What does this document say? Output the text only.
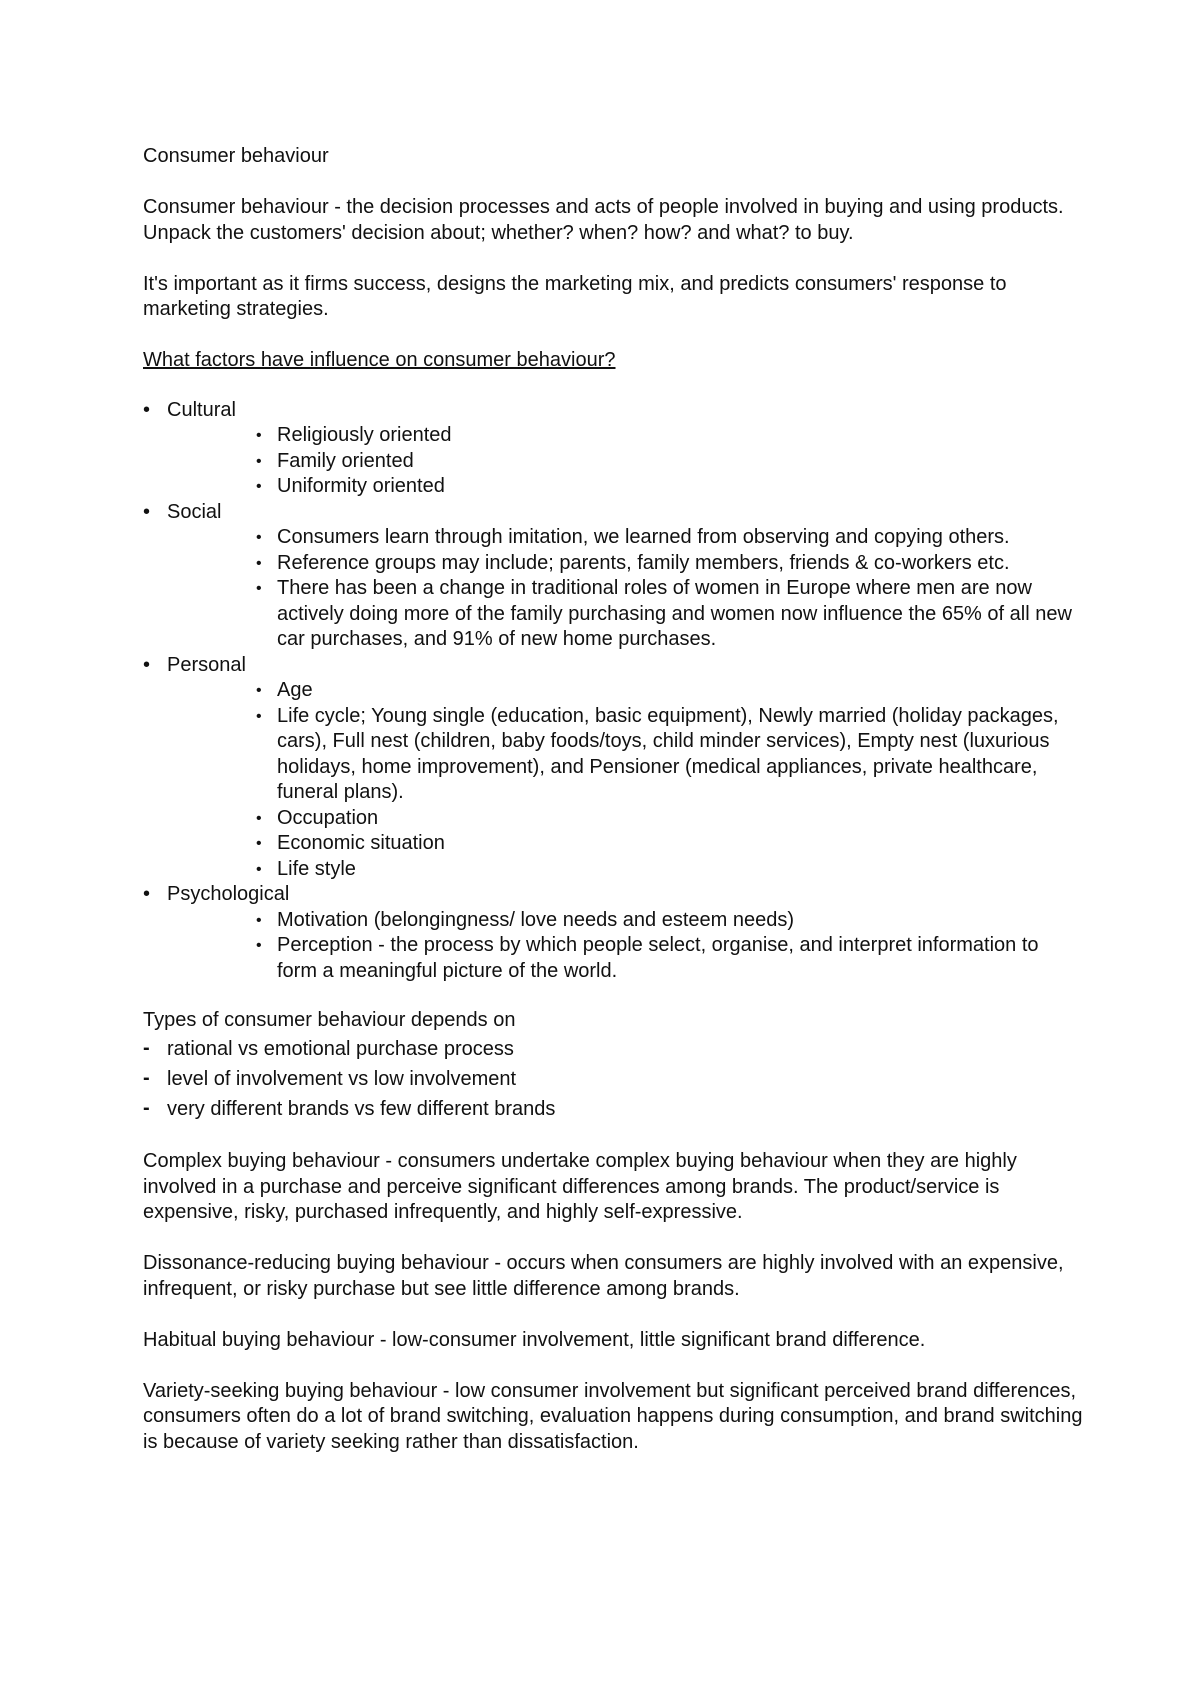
Consumer behaviour

Consumer behaviour - the decision processes and acts of people involved in buying and using products. Unpack the customers' decision about; whether? when? how? and what? to buy.

It's important as it firms success, designs the marketing mix, and predicts consumers' response to marketing strategies.

What factors have influence on consumer behaviour?

• Cultural
• Religiously oriented
• Family oriented
• Uniformity oriented
• Social
• Consumers learn through imitation, we learned from observing and copying others.
• Reference groups may include; parents, family members, friends & co-workers etc.
• There has been a change in traditional roles of women in Europe where men are now actively doing more of the family purchasing and women now influence the 65% of all new car purchases, and 91% of new home purchases.
• Personal
• Age
• Life cycle; Young single (education, basic equipment), Newly married (holiday packages, cars), Full nest (children, baby foods/toys, child minder services), Empty nest (luxurious holidays, home improvement), and Pensioner (medical appliances, private healthcare, funeral plans).
• Occupation
• Economic situation
• Life style
• Psychological
• Motivation (belongingness/ love needs and esteem needs)
• Perception - the process by which people select, organise, and interpret information to form a meaningful picture of the world.

Types of consumer behaviour depends on

- rational vs emotional purchase process
- level of involvement vs low involvement
- very different brands vs few different brands

Complex buying behaviour - consumers undertake complex buying behaviour when they are highly involved in a purchase and perceive significant differences among brands. The product/service is expensive, risky, purchased infrequently, and highly self-expressive.

Dissonance-reducing buying behaviour - occurs when consumers are highly involved with an expensive, infrequent, or risky purchase but see little difference among brands.

Habitual buying behaviour - low-consumer involvement, little significant brand difference.

Variety-seeking buying behaviour - low consumer involvement but significant perceived brand differences, consumers often do a lot of brand switching, evaluation happens during consumption, and brand switching is because of variety seeking rather than dissatisfaction.
